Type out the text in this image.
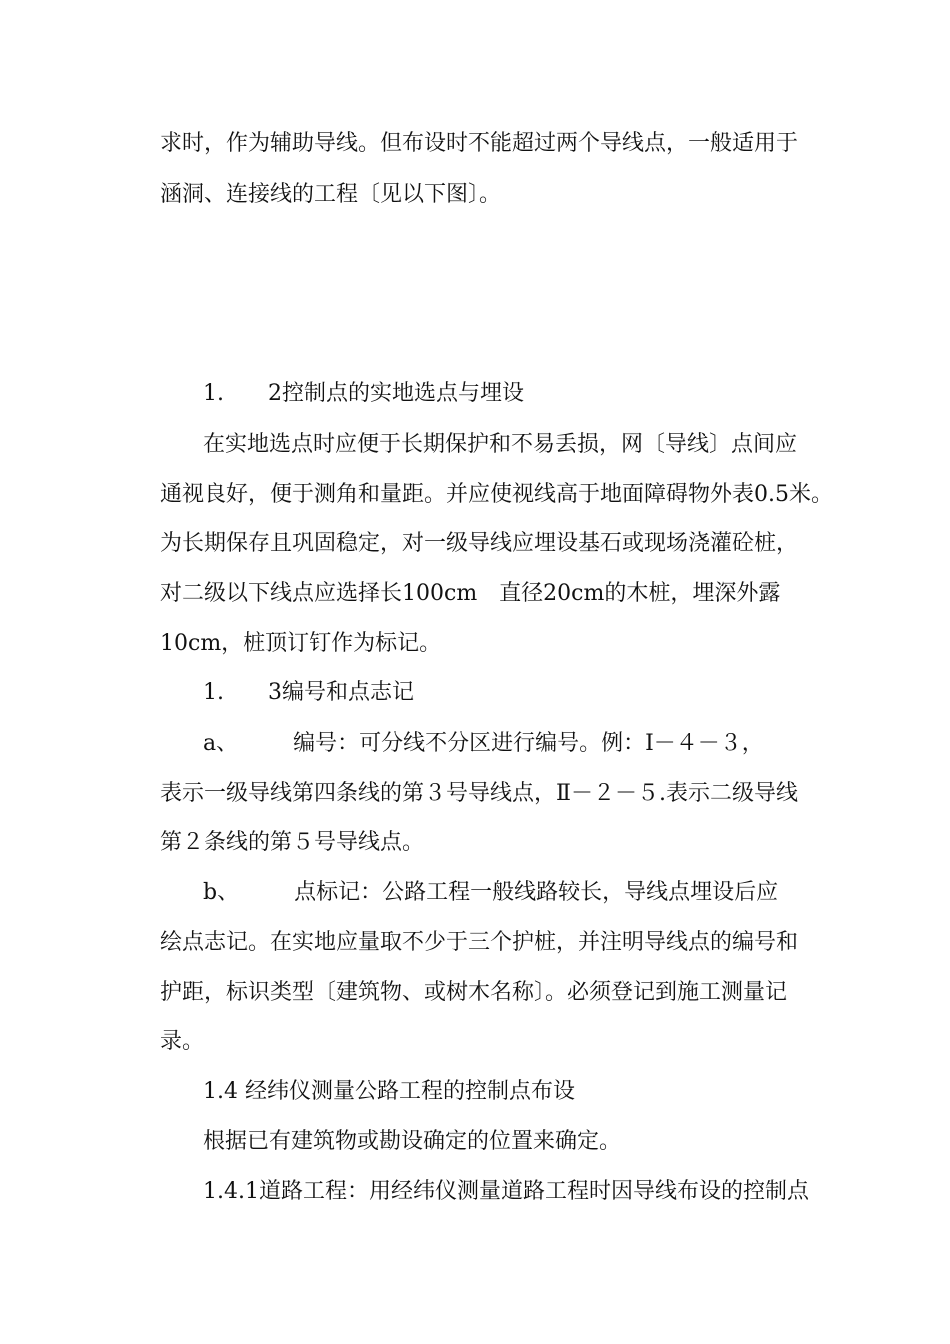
求时，作为辅助导线。但布设时不能超过两个导线点，一般适用于
涵洞、连接线的工程〔见以下图〕。
1.　　2控制点的实地选点与埋设
在实地选点时应便于长期保护和不易丢损，网〔导线〕点间应
通视良好，便于测角和量距。并应使视线高于地面障碍物外表0.5米。
为长期保存且巩固稳定，对一级导线应埋设基石或现场浇灌砼桩，
对二级以下线点应选择长100cm　直径20cm的木桩，埋深外露
10cm，桩顶订钉作为标记。
1.　　3编号和点志记
a、　　　编号：可分线不分区进行编号。例：Ⅰ－４－３，
表示一级导线第四条线的第３号导线点，Ⅱ－２－５.表示二级导线
第２条线的第５号导线点。
b、　　　点标记：公路工程一般线路较长，导线点埋设后应
绘点志记。在实地应量取不少于三个护桩，并注明导线点的编号和
护距，标识类型〔建筑物、或树木名称〕。必须登记到施工测量记
录。
1.4 经纬仪测量公路工程的控制点布设
根据已有建筑物或勘设确定的位置来确定。
1.4.1道路工程：用经纬仪测量道路工程时因导线布设的控制点
